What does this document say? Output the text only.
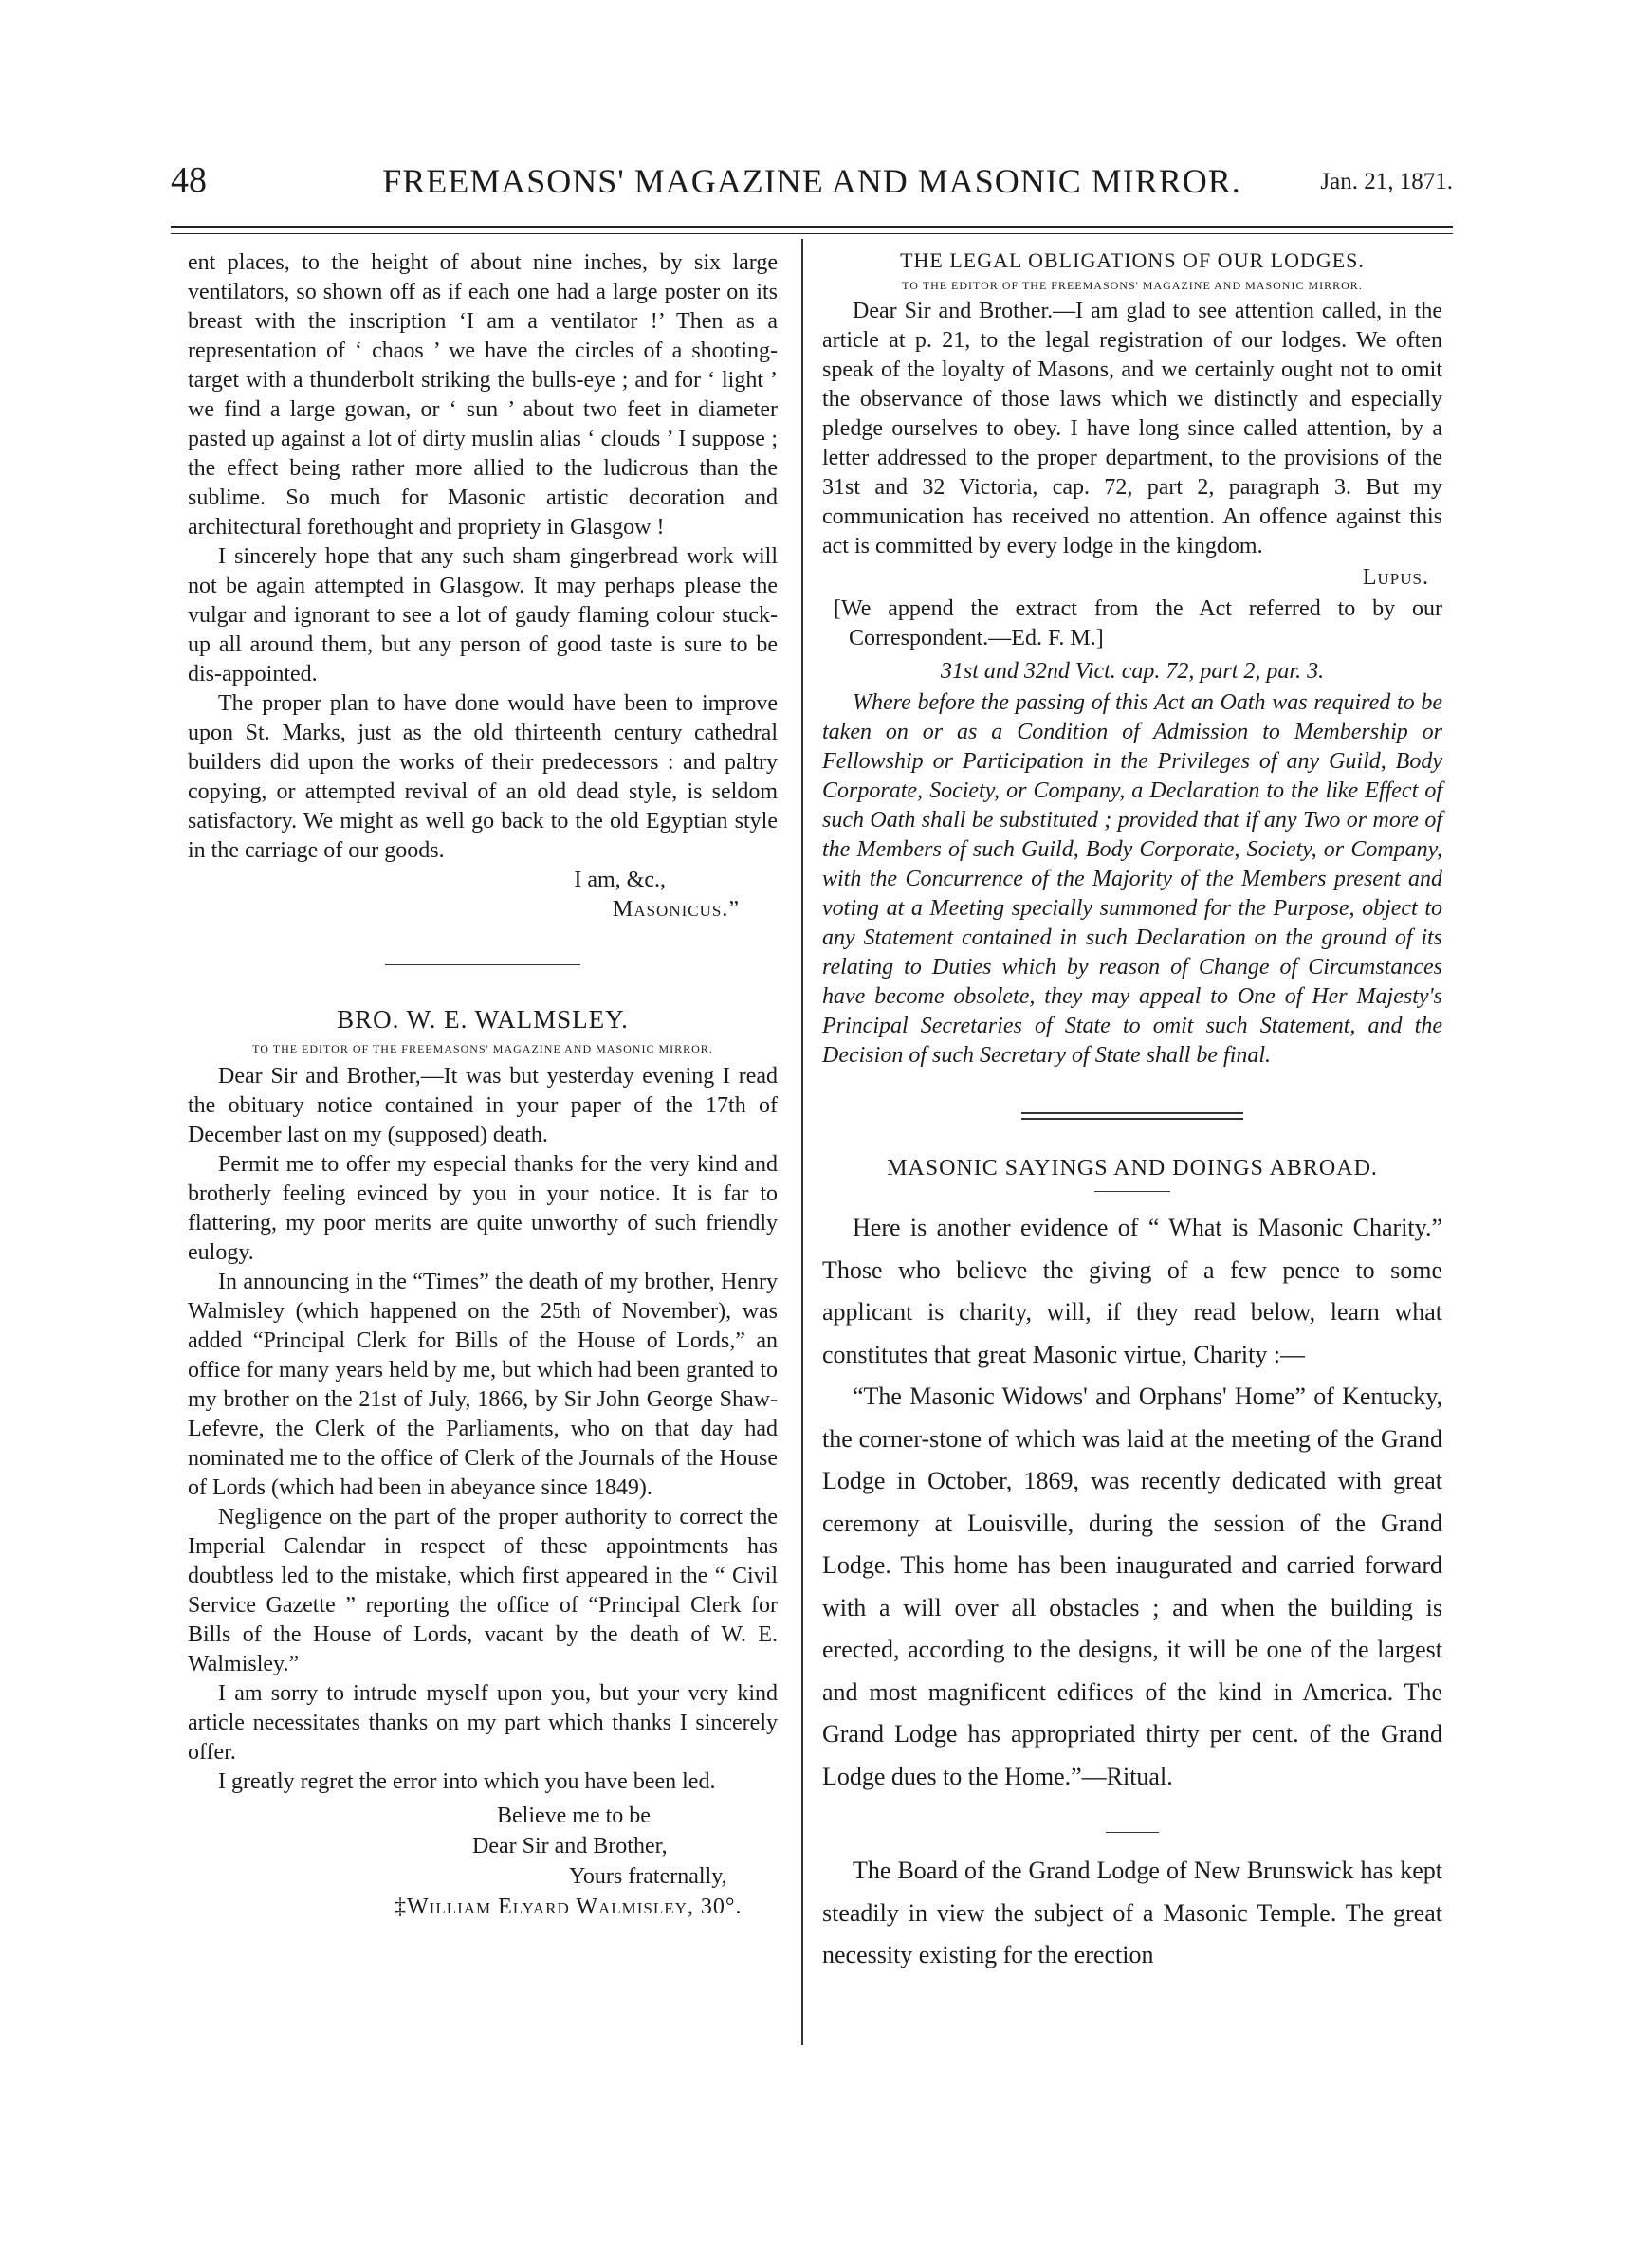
48	FREEMASONS' MAGAZINE AND MASONIC MIRROR.	Jan. 21, 1871.

ent places, to the height of about nine inches, by six large ventilators, so shown off as if each one had a large poster on its breast with the inscription ‘I am a ventilator !’ Then as a representation of ‘ chaos ’ we have the circles of a shooting-target with a thunderbolt striking the bulls-eye ; and for ‘ light ’ we find a large gowan, or ‘ sun ’ about two feet in diameter pasted up against a lot of dirty muslin alias ‘ clouds ’ I suppose ; the effect being rather more allied to the ludicrous than the sublime. So much for Masonic artistic decoration and architectural forethought and propriety in Glasgow !

I sincerely hope that any such sham gingerbread work will not be again attempted in Glasgow. It may perhaps please the vulgar and ignorant to see a lot of gaudy flaming colour stuck-up all around them, but any person of good taste is sure to be dis-appointed.

The proper plan to have done would have been to improve upon St. Marks, just as the old thirteenth century cathedral builders did upon the works of their predecessors : and paltry copying, or attempted revival of an old dead style, is seldom satisfactory. We might as well go back to the old Egyptian style in the carriage of our goods.

I am, &c.,
Masonicus.”
BRO. W. E. WALMSLEY.
TO THE EDITOR OF THE FREEMASONS' MAGAZINE AND MASONIC MIRROR.

Dear Sir and Brother,—It was but yesterday evening I read the obituary notice contained in your paper of the 17th of December last on my (supposed) death.

Permit me to offer my especial thanks for the very kind and brotherly feeling evinced by you in your notice. It is far to flattering, my poor merits are quite unworthy of such friendly eulogy.

In announcing in the “Times” the death of my brother, Henry Walmisley (which happened on the 25th of November), was added “Principal Clerk for Bills of the House of Lords,” an office for many years held by me, but which had been granted to my brother on the 21st of July, 1866, by Sir John George Shaw-Lefevre, the Clerk of the Parliaments, who on that day had nominated me to the office of Clerk of the Journals of the House of Lords (which had been in abeyance since 1849).

Negligence on the part of the proper authority to correct the Imperial Calendar in respect of these appointments has doubtless led to the mistake, which first appeared in the “ Civil Service Gazette ” reporting the office of “Principal Clerk for Bills of the House of Lords, vacant by the death of W. E. Walmisley.”

I am sorry to intrude myself upon you, but your very kind article necessitates thanks on my part which thanks I sincerely offer.

I greatly regret the error into which you have been led.

Believe me to be
Dear Sir and Brother,
Yours fraternally,
‡William Elyard Walmisley, 30°.
THE LEGAL OBLIGATIONS OF OUR LODGES.
TO THE EDITOR OF THE FREEMASONS' MAGAZINE AND MASONIC MIRROR.

Dear Sir and Brother.—I am glad to see attention called, in the article at p. 21, to the legal registration of our lodges. We often speak of the loyalty of Masons, and we certainly ought not to omit the observance of those laws which we distinctly and especially pledge ourselves to obey. I have long since called attention, by a letter addressed to the proper department, to the provisions of the 31st and 32 Victoria, cap. 72, part 2, paragraph 3. But my communication has received no attention. An offence against this act is committed by every lodge in the kingdom.

Lupus.

[We append the extract from the Act referred to by our Correspondent.—Ed. F. M.]

31st and 32nd Vict. cap. 72, part 2, par. 3.

Where before the passing of this Act an Oath was required to be taken on or as a Condition of Admission to Membership or Fellowship or Participation in the Privileges of any Guild, Body Corporate, Society, or Company, a Declaration to the like Effect of such Oath shall be substituted ; provided that if any Two or more of the Members of such Guild, Body Corporate, Society, or Company, with the Concurrence of the Majority of the Members present and voting at a Meeting specially summoned for the Purpose, object to any Statement contained in such Declaration on the ground of its relating to Duties which by reason of Change of Circumstances have become obsolete, they may appeal to One of Her Majesty's Principal Secretaries of State to omit such Statement, and the Decision of such Secretary of State shall be final.

MASONIC SAYINGS AND DOINGS ABROAD.

Here is another evidence of “ What is Masonic Charity.” Those who believe the giving of a few pence to some applicant is charity, will, if they read below, learn what constitutes that great Masonic virtue, Charity :—

“The Masonic Widows' and Orphans' Home” of Kentucky, the corner-stone of which was laid at the meeting of the Grand Lodge in October, 1869, was recently dedicated with great ceremony at Louisville, during the session of the Grand Lodge. This home has been inaugurated and carried forward with a will over all obstacles ; and when the building is erected, according to the designs, it will be one of the largest and most magnificent edifices of the kind in America. The Grand Lodge has appropriated thirty per cent. of the Grand Lodge dues to the Home.”—Ritual.

The Board of the Grand Lodge of New Brunswick has kept steadily in view the subject of a Masonic Temple. The great necessity existing for the erection
